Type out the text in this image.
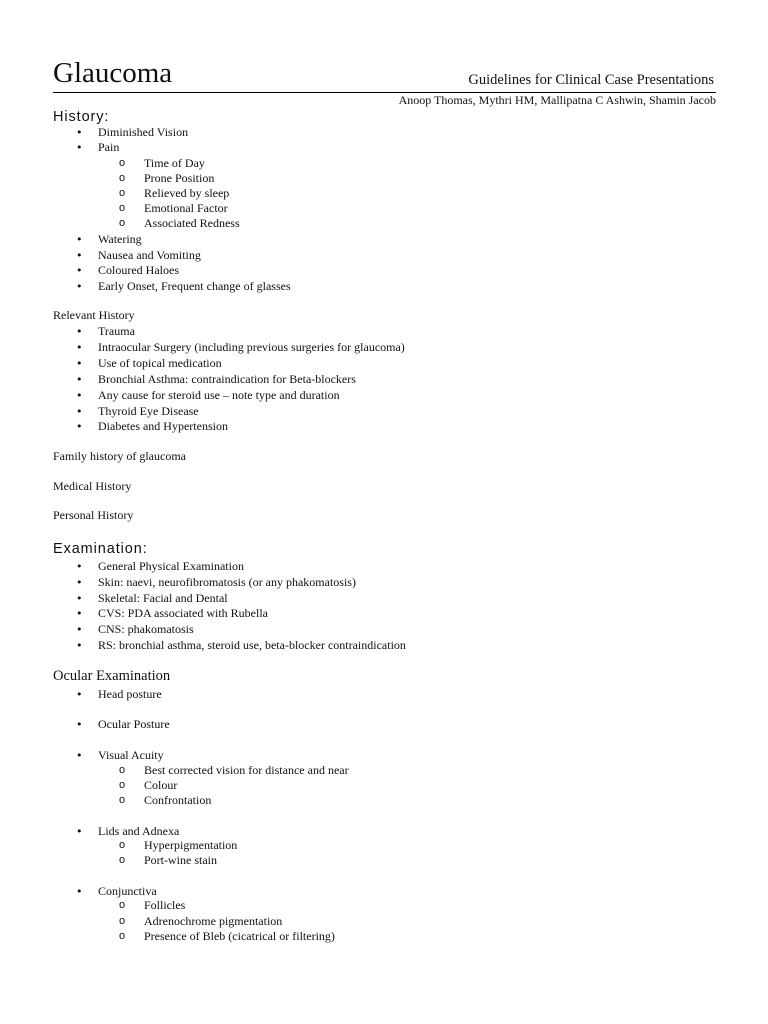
Glaucoma	Guidelines for Clinical Case Presentations
Anoop Thomas, Mythri HM, Mallipatna C Ashwin, Shamin Jacob
History:
• Diminished Vision
• Pain
o Time of Day
o Prone Position
o Relieved by sleep
o Emotional Factor
o Associated Redness
• Watering
• Nausea and Vomiting
• Coloured Haloes
• Early Onset, Frequent change of glasses
Relevant History
• Trauma
• Intraocular Surgery (including previous surgeries for glaucoma)
• Use of topical medication
• Bronchial Asthma: contraindication for Beta-blockers
• Any cause for steroid use – note type and duration
• Thyroid Eye Disease
• Diabetes and Hypertension
Family history of glaucoma
Medical History
Personal History
Examination:
• General Physical Examination
• Skin: naevi, neurofibromatosis (or any phakomatosis)
• Skeletal: Facial and Dental
• CVS: PDA associated with Rubella
• CNS: phakomatosis
• RS: bronchial asthma, steroid use, beta-blocker contraindication
Ocular Examination
• Head posture
• Ocular Posture
• Visual Acuity
o Best corrected vision for distance and near
o Colour
o Confrontation
• Lids and Adnexa
o Hyperpigmentation
o Port-wine stain
• Conjunctiva
o Follicles
o Adrenochrome pigmentation
o Presence of Bleb (cicatrical or filtering)
